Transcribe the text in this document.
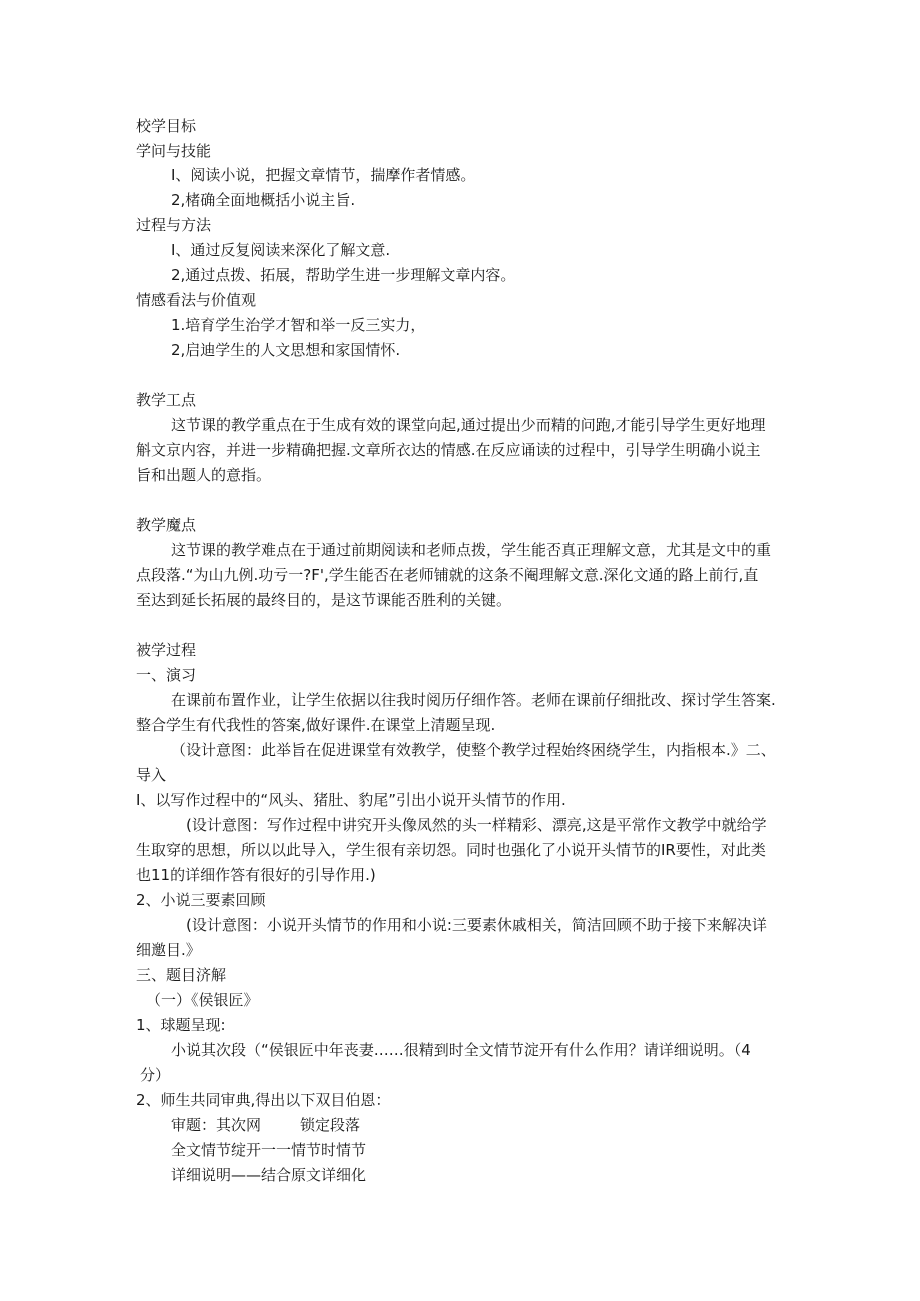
校学目标
学问与技能
I、阅读小说，把握文章情节，揣摩作者情感。
2,楮确全面地概括小说主旨.
过程与方法
I、通过反复阅读来深化了解文意.
2,通过点拨、拓展，帮助学生进一步理解文章内容。
情感看法与价值观
1.培育学生治学才智和举一反三实力，
2,启迪学生的人文思想和家国情怀.
教学工点
这节课的教学重点在于生成有效的课堂向起,通过提出少而精的问跑,才能引导学生更好地理
斛文京内容，并进一步精确把握.文章所衣达的情感.在反应诵读的过程中，引导学生明确小说主
旨和出题人的意指。
教学魔点
这节课的教学难点在于通过前期阅读和老师点拨，学生能否真正理解文意，尤其是文中的重
点段落.“为山九例.功亏一?F',学生能否在老师铺就的这条不阉理解文意.深化文通的路上前行,直
至达到延长拓展的最终目的，是这节课能否胜利的关键。
被学过程
一、演习
在课前布置作业，让学生依据以往我时阅历仔细作答。老师在课前仔细批改、探讨学生答案.
整合学生有代我性的答案,做好课件.在课堂上清题呈现.
（设计意图：此举旨在促进课堂有效教学，使整个教学过程始终困绕学生，内指根本.》二、
导入
I、以写作过程中的“风头、猪肚、豹尾”引出小说开头情节的作用.
(设计意图：写作过程中讲究开头像凤然的头一样精彩、漂亮,这是平常作文教学中就给学
生取穿的思想，所以以此导入，学生很有亲切怨。同时也强化了小说开头情节的IR要性，对此类
也11的详细作答有很好的引导作用.)
2、小说三要素回顾
(设计意图：小说开头情节的作用和小说:三要素休戚相关，简洁回顾不助于接下来解决详
细邀目.》
三、题目济解
（一）《侯银匠》
1、球题呈现:
小说其次段（“侯银匠中年丧妻……很精到时全文情节淀开有什么作用？请详细说明。（4
分）
2、师生共同审典,得出以下双目伯恩：
审题：其次网	锁定段落
全文情节绽开一一情节时情节
详细说明——结合原文详细化
